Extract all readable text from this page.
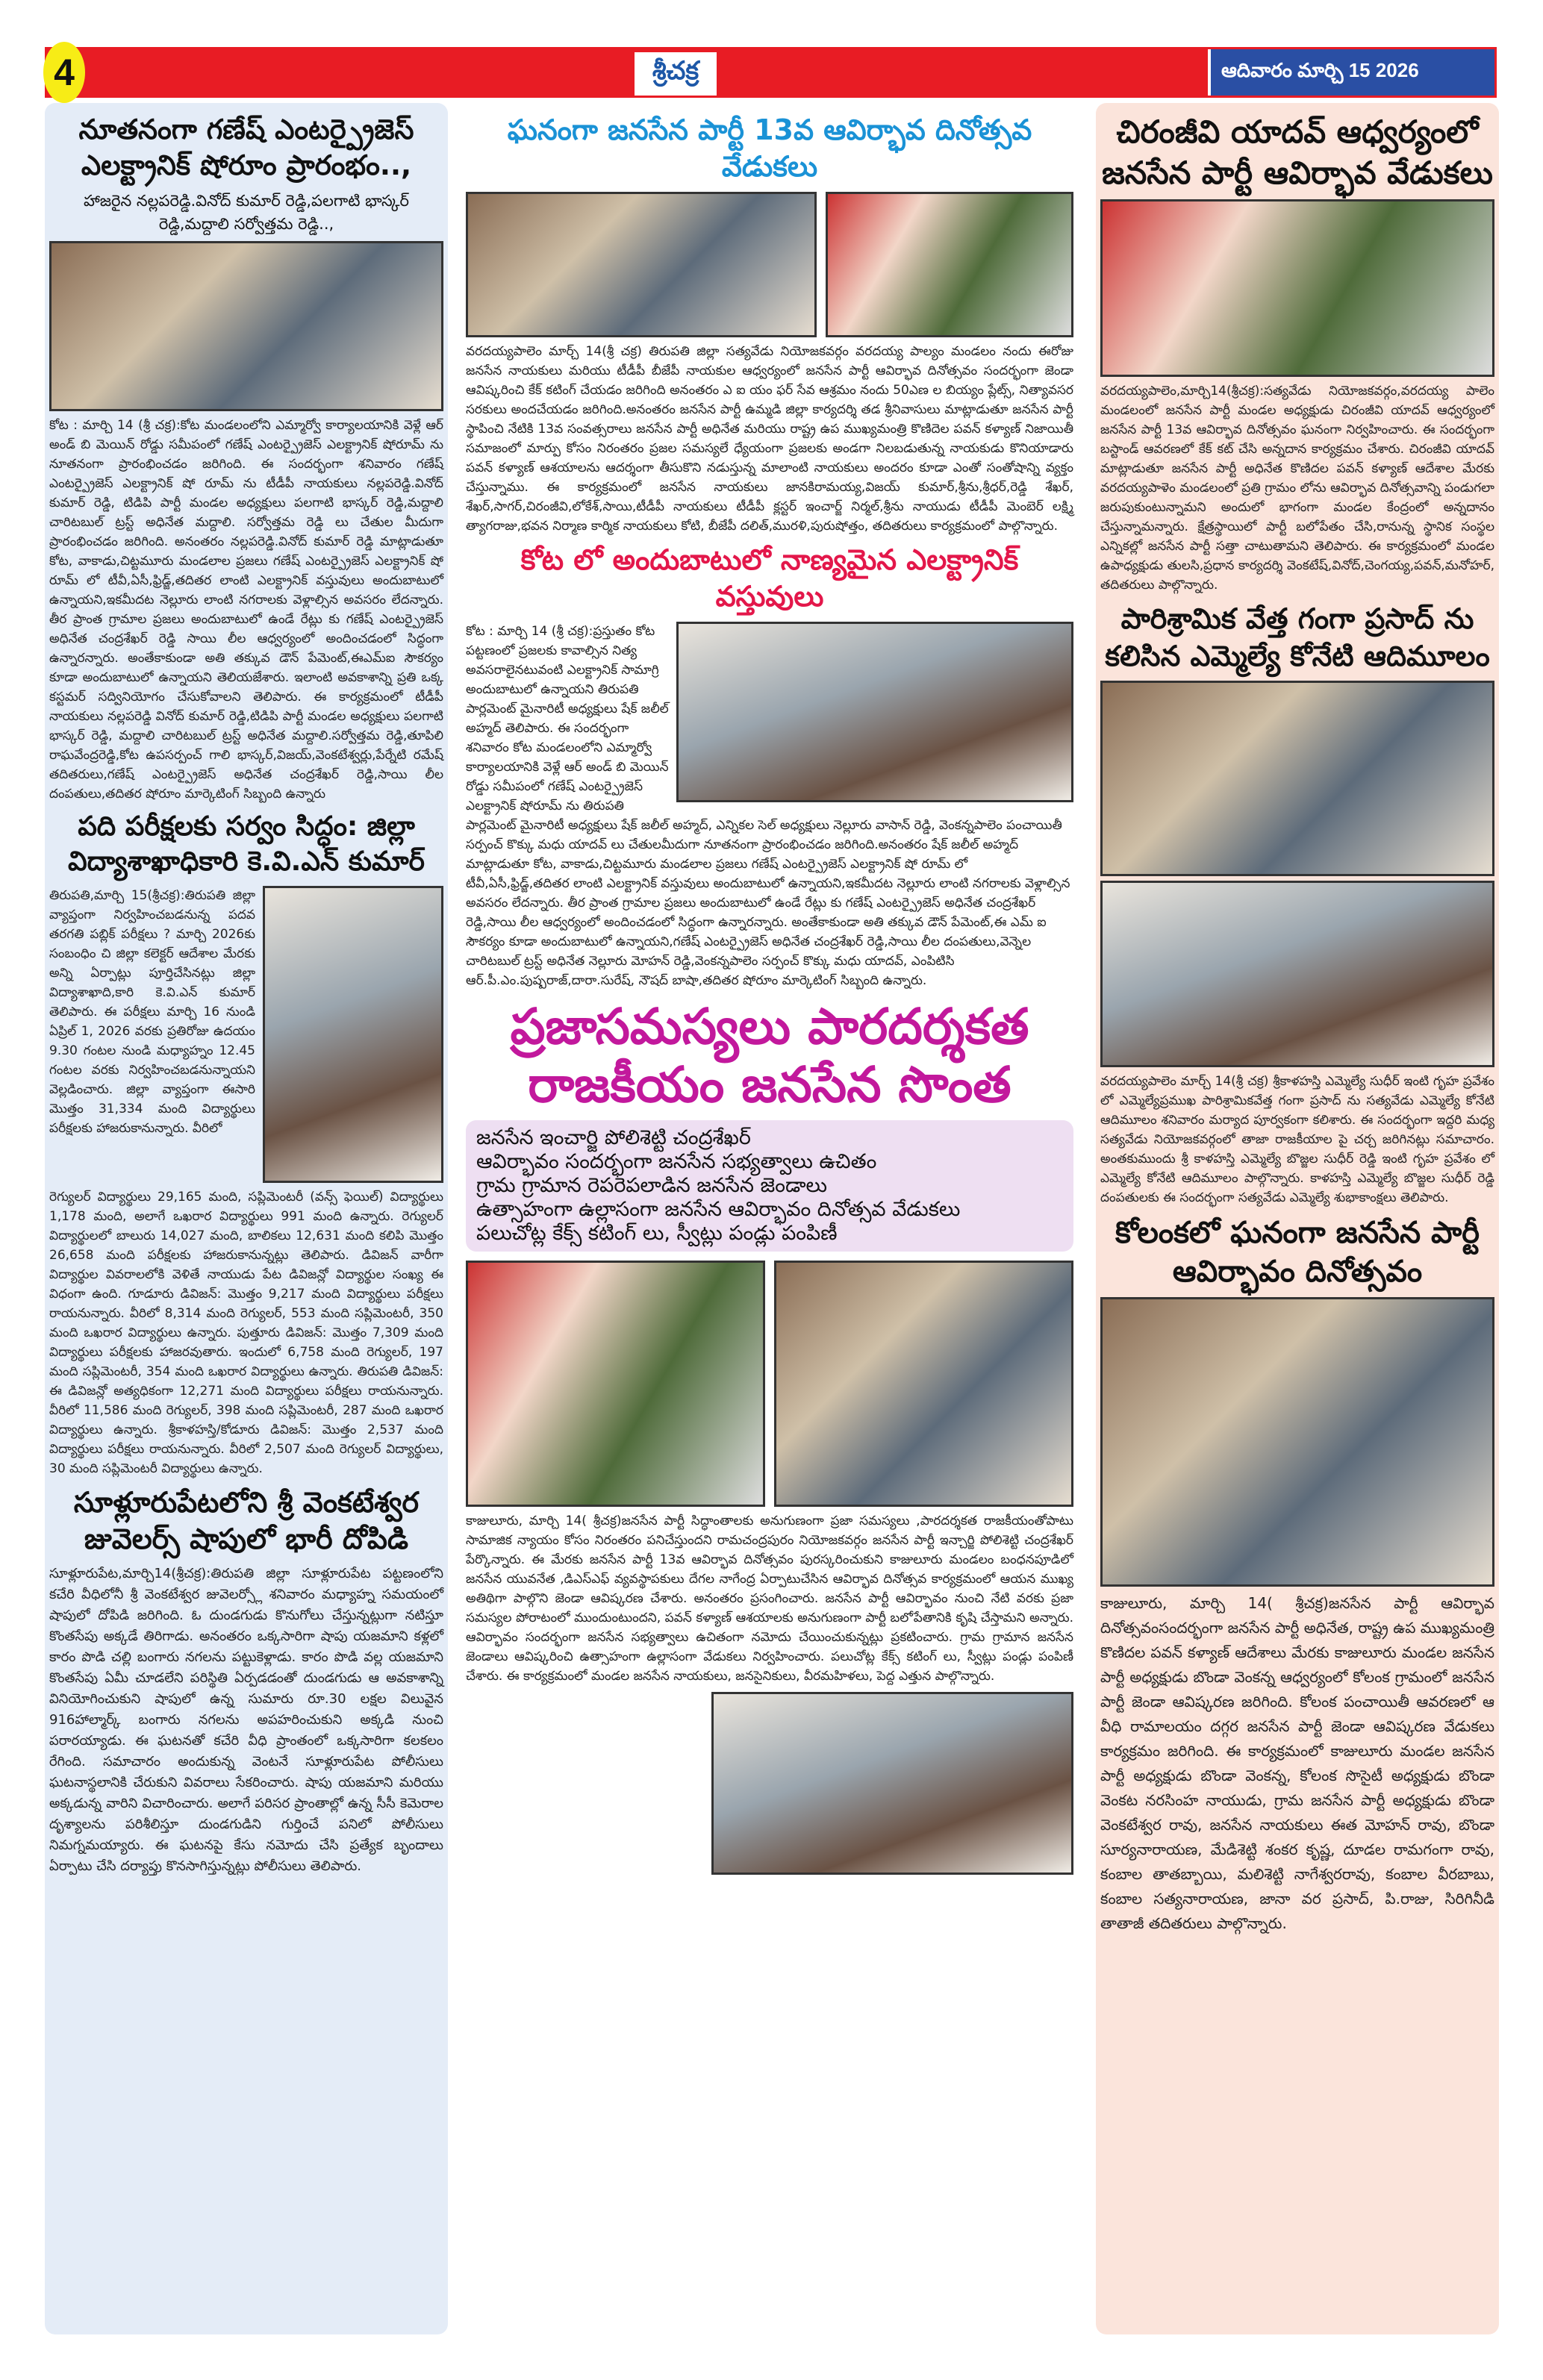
4	శ్రీచక్ర	ఆదివారం మార్చి 15 2026
నూతనంగా గణేష్ ఎంటర్ప్రైజెస్ ఎలక్ట్రానిక్ షోరూం ప్రారంభం..,
హాజరైన నల్లపరెడ్డి.వినోద్ కుమార్ రెడ్డి,పలగాటి భాస్కర్ రెడ్డి,మద్దాలి సర్వోత్తమ రెడ్డి..,
కోట : మార్చి 14 (శ్రీ చక్ర):కోట మండలంలోని ఎమ్మార్వో కార్యాలయానికి వెళ్లే ఆర్ అండ్ బి మెయిన్ రోడ్డు సమీపంలో గణేష్ ఎంటర్ప్రైజెస్ ఎలక్ట్రానిక్ షోరూమ్ ను నూతనంగా ప్రారంభించడం జరిగింది. ఈ సందర్భంగా శనివారం గణేష్ ఎంటర్ప్రైజెస్ ఎలక్ట్రానిక్ షో రూమ్ ను టీడీపీ నాయకులు నల్లపరెడ్డి.వినోద్ కుమార్ రెడ్డి, టిడిపి పార్టీ మండల అధ్యక్షులు పలగాటి భాస్కర్ రెడ్డి,మద్దాలి చారిటబుల్ ట్రస్ట్ అధినేత మద్దాలి. సర్వోత్తమ రెడ్డి లు చేతుల మీదుగా ప్రారంభించడం జరిగింది. అనంతరం నల్లపరెడ్డి.వినోద్ కుమార్ రెడ్డి మాట్లాడుతూ కోట, వాకాడు,చిట్టమూరు మండలాల ప్రజలు గణేష్ ఎంటర్ప్రైజెస్ ఎలక్ట్రానిక్ షో రూమ్ లో టీవీ,ఏసీ,ఫ్రిడ్జ్,తదితర లాంటి ఎలక్ట్రానిక్ వస్తువులు అందుబాటులో ఉన్నాయని,ఇకమీదట నెల్లూరు లాంటి నగరాలకు వెళ్లాల్సిన అవసరం లేదన్నారు. తీర ప్రాంత గ్రామాల ప్రజలు అందుబాటులో ఉండే రేట్లు కు గణేష్ ఎంటర్ప్రైజెస్ అధినేత చంద్రశేఖర్ రెడ్డి సాయి లీల ఆధ్వర్యంలో అందించడంలో సిద్ధంగా ఉన్నారన్నారు. అంతేకాకుండా అతి తక్కువ డౌన్ పేమెంట్,ఈఎమ్ఐ సౌకర్యం కూడా అందుబాటులో ఉన్నాయని తెలియజేశారు. ఇలాంటి అవకాశాన్ని ప్రతి ఒక్క కస్టమర్ సద్వినియోగం చేసుకోవాలని తెలిపారు. ఈ కార్యక్రమంలో టీడీపీ నాయకులు నల్లపరెడ్డి వినోద్ కుమార్ రెడ్డి,టిడిపి పార్టీ మండల అధ్యక్షులు పలగాటి భాస్కర్ రెడ్డి, మద్దాలి చారిటబుల్ ట్రస్ట్ అధినేత మద్దాలి.సర్వోత్తమ రెడ్డి,తూపిలి రాఘవేంద్రరెడ్డి,కోట ఉపసర్పంచ్ గాలి భాస్కర్,విజయ్,వెంకటేశ్వర్లు,పేర్నేటి రమేష్ తదితరులు,గణేష్ ఎంటర్ప్రైజెస్ అధినేత చంద్రశేఖర్ రెడ్డి,సాయి లీల దంపతులు,తదితర షోరూం మార్కెటింగ్ సిబ్బంది ఉన్నారు
పది పరీక్షలకు సర్వం సిద్ధం: జిల్లా విద్యాశాఖాధికారి కె.వి.ఎన్ కుమార్
తిరుపతి,మార్చి 15(శ్రీచక్ర):తిరుపతి జిల్లా వ్యాప్తంగా నిర్వహించబడనున్న పదవ తరగతి పబ్లిక్ పరీక్షలు ? మార్చి 2026కు సంబంధిం చి జిల్లా కలెక్టర్ ఆదేశాల మేరకు అన్ని ఏర్పాట్లు పూర్తిచేసినట్లు జిల్లా విద్యాశాఖాది,కారి కె.వి.ఎన్ కుమార్ తెలిపారు. ఈ పరీక్షలు మార్చి 16 నుండి ఏప్రిల్ 1, 2026 వరకు ప్రతిరోజు ఉదయం 9.30 గంటల నుండి మధ్యాహ్నం 12.45 గంటల వరకు నిర్వహించబడనున్నాయని వెల్లడించారు. జిల్లా వ్యాప్తంగా ఈసారి మొత్తం 31,334 మంది విద్యార్థులు పరీక్షలకు హాజరుకానున్నారు. వీరిలో
రెగ్యులర్ విద్యార్థులు 29,165 మంది, సప్లిమెంటరీ (వన్స్ ఫెయిల్) విద్యార్థులు 1,178 మంది, అలాగే ఒఖరార విద్యార్థులు 991 మంది ఉన్నారు. రెగ్యులర్ విద్యార్థులలో బాలురు 14,027 మంది, బాలికలు 12,631 మంది కలిపి మొత్తం 26,658 మంది పరీక్షలకు హాజరుకానున్నట్లు తెలిపారు. డివిజన్ వారీగా విద్యార్థుల వివరాలలోకి వెళితే నాయుడు పేట డివిజన్లో విద్యార్థుల సంఖ్య ఈ విధంగా ఉంది. గూడూరు డివిజన్: మొత్తం 9,217 మంది విద్యార్థులు పరీక్షలు రాయనున్నారు. వీరిలో 8,314 మంది రెగ్యులర్, 553 మంది సప్లిమెంటరీ, 350 మంది ఒఖరార విద్యార్థులు ఉన్నారు. పుత్తూరు డివిజన్: మొత్తం 7,309 మంది విద్యార్థులు పరీక్షలకు హాజరవుతారు. ఇందులో 6,758 మంది రెగ్యులర్, 197 మంది సప్లిమెంటరీ, 354 మంది ఒఖరార విద్యార్థులు ఉన్నారు. తిరుపతి డివిజన్: ఈ డివిజన్లో అత్యధికంగా 12,271 మంది విద్యార్థులు పరీక్షలు రాయనున్నారు. వీరిలో 11,586 మంది రెగ్యులర్, 398 మంది సప్లిమెంటరీ, 287 మంది ఒఖరార విద్యార్థులు ఉన్నారు. శ్రీకాళహస్తి/కోడూరు డివిజన్: మొత్తం 2,537 మంది విద్యార్థులు పరీక్షలు రాయనున్నారు. వీరిలో 2,507 మంది రెగ్యులర్ విద్యార్థులు, 30 మంది సప్లిమెంటరీ విద్యార్థులు ఉన్నారు.
సూళ్లూరుపేటలోని శ్రీ వెంకటేశ్వర జువెలర్స్ షాపులో భారీ దోపిడి
సూళ్లూరుపేట,మార్చి14(శ్రీచక్ర):తిరుపతి జిల్లా సూళ్లూరుపేట పట్టణంలోని కచేరి వీధిలోనీ శ్రీ వెంకటేశ్వర జువెలర్స్లో శనివారం మధ్యాహ్న సమయంలో షాపులో దోపిడి జరిగింది. ఓ దుండగుడు కొనుగోలు చేస్తున్నట్లుగా నటిస్తూ కొంతసేపు అక్కడే తిరిగాడు. అనంతరం ఒక్కసారిగా షాపు యజమాని కళ్లలో కారం పొడి చల్లి బంగారు నగలను పట్టుకెళ్లాడు. కారం పొడి వల్ల యజమాని కొంతసేపు ఏమీ చూడలేని పరిస్థితి ఏర్పడడంతో దుండగుడు ఆ అవకాశాన్ని వినియోగించుకుని షాపులో ఉన్న సుమారు రూ.30 లక్షల విలువైన 916హాల్మార్క్ బంగారు నగలను అపహరించుకుని అక్కడి నుంచి పరారయ్యాడు. ఈ ఘటనతో కచేరి వీధి ప్రాంతంలో ఒక్కసారిగా కలకలం రేగింది. సమాచారం అందుకున్న వెంటనే సూళ్లూరుపేట పోలీసులు ఘటనాస్థలానికి చేరుకుని వివరాలు సేకరించారు. షాపు యజమాని మరియు అక్కడున్న వారిని విచారించారు. అలాగే పరిసర ప్రాంతాల్లో ఉన్న సీసీ కెమెరాల దృశ్యాలను పరిశీలిస్తూ దుండగుడిని గుర్తించే పనిలో పోలీసులు నిమగ్నమయ్యారు. ఈ ఘటనపై కేసు నమోదు చేసి ప్రత్యేక బృందాలు ఏర్పాటు చేసి దర్యాప్తు కొనసాగిస్తున్నట్లు పోలీసులు తెలిపారు.
ఘనంగా జనసేన పార్టీ 13వ ఆవిర్భావ దినోత్సవ వేడుకలు
వరదయ్యపాలెం మార్చ్ 14(శ్రీ చక్ర) తిరుపతి జిల్లా సత్యవేడు నియోజకవర్గం వరదయ్య పాల్యం మండలం నందు ఈరోజు జనసేన నాయకులు మరియు టీడీపీ బీజేపీ నాయకుల ఆధ్వర్యంలో జనసేన పార్టీ ఆవిర్భావ దినోత్సవం సందర్భంగా జెండా ఆవిష్కరించి కేక్ కటింగ్ చేయడం జరిగింది అనంతరం ఎ ఐ యం ఫర్ సేవ ఆశ్రమం నందు 50ఎణ ల బియ్యం ప్లేట్స్, నిత్యావసర సరకులు అందచేయడం జరిగింది.అనంతరం జనసేన పార్టీ ఉమ్మడి జిల్లా కార్యదర్శి తడ శ్రీనివాసులు మాట్లాడుతూ జనసేన పార్టీ స్థాపించి నేటికి 13వ సంవత్సరాలు జనసేన పార్టీ అధినేత మరియు రాష్ట్ర ఉప ముఖ్యమంత్రి కొణిదెల పవన్ కళ్యాణ్ నిజాయితీ సమాజంలో మార్పు కోసం నిరంతరం ప్రజల సమస్యలే ధ్యేయంగా ప్రజలకు అండగా నిలబడుతున్న నాయకుడు కొనియాడారు పవన్ కళ్యాణ్ ఆశయాలను ఆదర్శంగా తీసుకొని నడుస్తున్న మాలాంటి నాయకులు అందరం కూడా ఎంతో సంతోషాన్ని వ్యక్తం చేస్తున్నాము. ఈ కార్యక్రమంలో జనసేన నాయకులు జానకిరామయ్య,విజయ్ కుమార్,శ్రీను,శ్రీధర్,రెడ్డి శేఖర్, శేఖర్,సాగర్,చిరంజీవి,లోకేశ్,సాయి,టీడీపీ నాయకులు టీడీపీ క్లస్టర్ ఇంచార్జ్ నిర్మల్,శ్రీను నాయుడు టీడీపీ మెంబెర్ లక్ష్మి త్యాగరాజు,భవన నిర్మాణ కార్మిక నాయకులు కోటి, బీజేపీ దలిత్,మురళి,పురుషోత్తం, తదితరులు కార్యక్రమంలో పాల్గొన్నారు.
కోట లో అందుబాటులో నాణ్యమైన ఎలక్ట్రానిక్ వస్తువులు
కోట : మార్చి 14 (శ్రీ చక్ర):ప్రస్తుతం కోట పట్టణంలో ప్రజలకు కావాల్సిన నిత్య అవసరాలైనటువంటి ఎలక్ట్రానిక్ సామాగ్రి అందుబాటులో ఉన్నాయని తిరుపతి పార్లమెంట్ మైనారిటీ అధ్యక్షులు షేక్ జలీల్ అహ్మద్ తెలిపారు. ఈ సందర్భంగా శనివారం కోట మండలంలోని ఎమ్మార్వో కార్యాలయానికి వెళ్లే ఆర్ అండ్ బి మెయిన్ రోడ్డు సమీపంలో గణేష్ ఎంటర్ప్రైజెస్ ఎలక్ట్రానిక్ షోరూమ్ ను తిరుపతి పార్లమెంట్ మైనారిటీ అధ్యక్షులు షేక్ జలీల్ అహ్మద్, ఎన్నికల సెల్ అధ్యక్షులు నెల్లూరు వాసాన్ రెడ్డి, వెంకన్నపాలెం పంచాయితీ సర్పంచ్ కొక్కు మధు యాదవ్ లు చేతులమీదుగా నూతనంగా ప్రారంభించడం జరిగింది.అనంతరం షేక్ జలీల్ అహ్మద్ మాట్లాడుతూ కోట, వాకాడు,చిట్టమూరు మండలాల ప్రజలు గణేష్ ఎంటర్ప్రైజెస్ ఎలక్ట్రానిక్ షో రూమ్ లో టీవీ,ఏసీ,ఫ్రిడ్జ్,తదితర లాంటి ఎలక్ట్రానిక్ వస్తువులు అందుబాటులో ఉన్నాయని,ఇకమీదట నెల్లూరు లాంటి నగరాలకు వెళ్లాల్సిన అవసరం లేదన్నారు. తీర ప్రాంత గ్రామాల ప్రజలు అందుబాటులో ఉండే రేట్లు కు గణేష్ ఎంటర్ప్రైజెస్ అధినేత చంద్రశేఖర్ రెడ్డి,సాయి లీల ఆధ్వర్యంలో అందించడంలో సిద్ధంగా ఉన్నారన్నారు. అంతేకాకుండా అతి తక్కువ డౌన్ పేమెంట్,ఈ ఎమ్ ఐ సౌకర్యం కూడా అందుబాటులో ఉన్నాయని,గణేష్ ఎంటర్ప్రైజెస్ అధినేత చంద్రశేఖర్ రెడ్డి,సాయి లీల దంపతులు,వెన్నెల చారిటబుల్ ట్రస్ట్ అధినేత నెల్లూరు మోహన్ రెడ్డి,వెంకన్నపాలెం సర్పంచ్ కొక్కు మధు యాదవ్, ఎంపిటిసి ఆర్.పీ.ఎం.పుష్పరాజ్,దారా.సురేష్, నౌషద్ బాషా,తదితర షోరూం మార్కెటింగ్ సిబ్బంది ఉన్నారు.
ప్రజాసమస్యలు పారదర్శకత
రాజకీయం జనసేన సొంత
జనసేన ఇంచార్జి పోలిశెట్టి చంద్రశేఖర్
ఆవిర్భావం సందర్భంగా జనసేన సభ్యత్వాలు ఉచితం
గ్రామ గ్రామాన రెపరెపలాడిన జనసేన జెండాలు
ఉత్సాహంగా ఉల్లాసంగా జనసేన ఆవిర్భావం దినోత్సవ వేడుకలు
పలుచోట్ల కేక్స్ కటింగ్ లు, స్వీట్లు పండ్లు పంపిణీ
కాజులూరు, మార్చి 14( శ్రీచక్ర)జనసేన పార్టీ సిద్ధాంతాలకు అనుగుణంగా ప్రజా సమస్యలు ,పారదర్శకత రాజకీయంతోపాటు సామాజిక న్యాయం కోసం నిరంతరం పనిచేస్తుందని రామచంద్రపురం నియోజకవర్గం జనసేన పార్టీ ఇన్చార్జి పోలిశెట్టి చంద్రశేఖర్ పేర్కొన్నారు. ఈ మేరకు జనసేన పార్టీ 13వ ఆవిర్భావ దినోత్సవం పురస్కరించుకుని కాజులూరు మండలం బంధనపూడిలో జనసేన యువనేత ,డిఎస్ఎఫ్ వ్యవస్థాపకులు దేగల నాగేంద్ర ఏర్పాటుచేసిన ఆవిర్భావ దినోత్సవ కార్యక్రమంలో ఆయన ముఖ్య అతిథిగా పాల్గొని జెండా ఆవిష్కరణ చేశారు. అనంతరం ప్రసంగించారు. జనసేన పార్టీ ఆవిర్భావం నుంచి నేటి వరకు ప్రజా సమస్యల పోరాటంలో ముందుంటుందని, పవన్ కళ్యాణ్ ఆశయాలకు అనుగుణంగా పార్టీ బలోపేతానికి కృషి చేస్తామని అన్నారు. ఆవిర్భావం సందర్భంగా జనసేన సభ్యత్వాలు ఉచితంగా నమోదు చేయించుకున్నట్లు ప్రకటించారు. గ్రామ గ్రామాన జనసేన జెండాలు ఆవిష్కరించి ఉత్సాహంగా ఉల్లాసంగా వేడుకలు నిర్వహించారు. పలుచోట్ల కేక్స్ కటింగ్ లు, స్వీట్లు పండ్లు పంపిణీ చేశారు. ఈ కార్యక్రమంలో మండల జనసేన నాయకులు, జనసైనికులు, వీరమహిళలు, పెద్ద ఎత్తున పాల్గొన్నారు.
చిరంజీవి యాదవ్ ఆధ్వర్యంలో జనసేన పార్టీ ఆవిర్భావ వేడుకలు
వరదయ్యపాలెం,మార్చి14(శ్రీచక్ర):సత్యవేడు నియోజకవర్గం,వరదయ్య పాలెం మండలంలో జనసేన పార్టీ మండల అధ్యక్షుడు చిరంజీవి యాదవ్ ఆధ్వర్యంలో జనసేన పార్టీ 13వ ఆవిర్భావ దినోత్సవం ఘనంగా నిర్వహించారు. ఈ సందర్భంగా బస్టాండ్ ఆవరణలో కేక్ కట్ చేసి అన్నదాన కార్యక్రమం చేశారు. చిరంజీవి యాదవ్ మాట్లాడుతూ జనసేన పార్టీ అధినేత కొణిదల పవన్ కళ్యాణ్ ఆదేశాల మేరకు వరదయ్యపాళెం మండలంలో ప్రతి గ్రామం లోను ఆవిర్భావ దినోత్సవాన్ని పండుగలా జరుపుకుంటున్నామని అందులో భాగంగా మండల కేంద్రంలో అన్నదానం చేస్తున్నామన్నారు. క్షేత్రస్థాయిలో పార్టీ బలోపేతం చేసి,రానున్న స్థానిక సంస్థల ఎన్నికల్లో జనసేన పార్టీ సత్తా చాటుతామని తెలిపారు. ఈ కార్యక్రమంలో మండల ఉపాధ్యక్షుడు తులసి,ప్రధాన కార్యదర్శి వెంకటేష్,వినోద్,చెంగయ్య,పవన్,మనోహర్, తదితరులు పాల్గొన్నారు.
పారిశ్రామిక వేత్త గంగా ప్రసాద్ ను కలిసిన ఎమ్మెల్యే కోనేటి ఆదిమూలం
వరదయ్యపాలెం మార్చ్ 14(శ్రీ చక్ర) శ్రీకాళహస్తి ఎమ్మెల్యే సుధీర్ ఇంటి గృహ ప్రవేశం లో ఎమ్మెల్యేప్రముఖ పారిశ్రామికవేత్త గంగా ప్రసాద్ ను సత్యవేడు ఎమ్మెల్యే కోనేటి ఆదిమూలం శనివారం మర్యాద పూర్వకంగా కలిశారు. ఈ సందర్భంగా ఇద్దరి మధ్య సత్యవేడు నియోజకవర్గంలో తాజా రాజకీయాల పై చర్చ జరిగినట్లు సమాచారం. అంతకుముందు శ్రీ కాళహస్తి ఎమ్మెల్యే బొజ్జల సుధీర్ రెడ్డి ఇంటి గృహ ప్రవేశం లో ఎమ్మెల్యే కోనేటి ఆదిమూలం పాల్గొన్నారు. కాళహస్తి ఎమ్మెల్యే బొజ్జల సుధీర్ రెడ్డి దంపతులకు ఈ సందర్భంగా సత్యవేడు ఎమ్మెల్యే శుభాకాంక్షలు తెలిపారు.
కోలంకలో ఘనంగా జనసేన పార్టీ ఆవిర్భావం దినోత్సవం
కాజులూరు, మార్చి 14( శ్రీచక్ర)జనసేన పార్టీ ఆవిర్భావ దినోత్సవంసందర్భంగా జనసేన పార్టీ అధినేత, రాష్ట్ర ఉప ముఖ్యమంత్రి కొణిదల పవన్ కళ్యాణ్ ఆదేశాలు మేరకు కాజులూరు మండల జనసేన పార్టీ అధ్యక్షుడు బొండా వెంకన్న ఆధ్వర్యంలో కోలంక గ్రామంలో జనసేన పార్టీ జెండా ఆవిష్కరణ జరిగింది. కోలంక పంచాయితీ ఆవరణలో ఆ వీధి రామాలయం దగ్గర జనసేన పార్టీ జెండా ఆవిష్కరణ వేడుకలు కార్యక్రమం జరిగింది. ఈ కార్యక్రమంలో కాజులూరు మండల జనసేన పార్టీ అధ్యక్షుడు బొండా వెంకన్న, కోలంక సొసైటీ అధ్యక్షుడు బొండా వెంకట నరసింహ నాయుడు, గ్రామ జనసేన పార్టీ అధ్యక్షుడు బొండా వెంకటేశ్వర రావు, జనసేన నాయకులు ఈత మోహన్ రావు, బొండా సూర్యనారాయణ, మేడిశెట్టి శంకర కృష్ణ, దూడల రామగంగా రావు, కంబాల తాతబ్బాయి, మలిశెట్టి నాగేశ్వరరావు, కంబాల వీరబాబు, కంబాల సత్యనారాయణ, జానా వర ప్రసాద్, పి.రాజు, సిరిగినీడి తాతాజీ తదితరులు పాల్గొన్నారు.
